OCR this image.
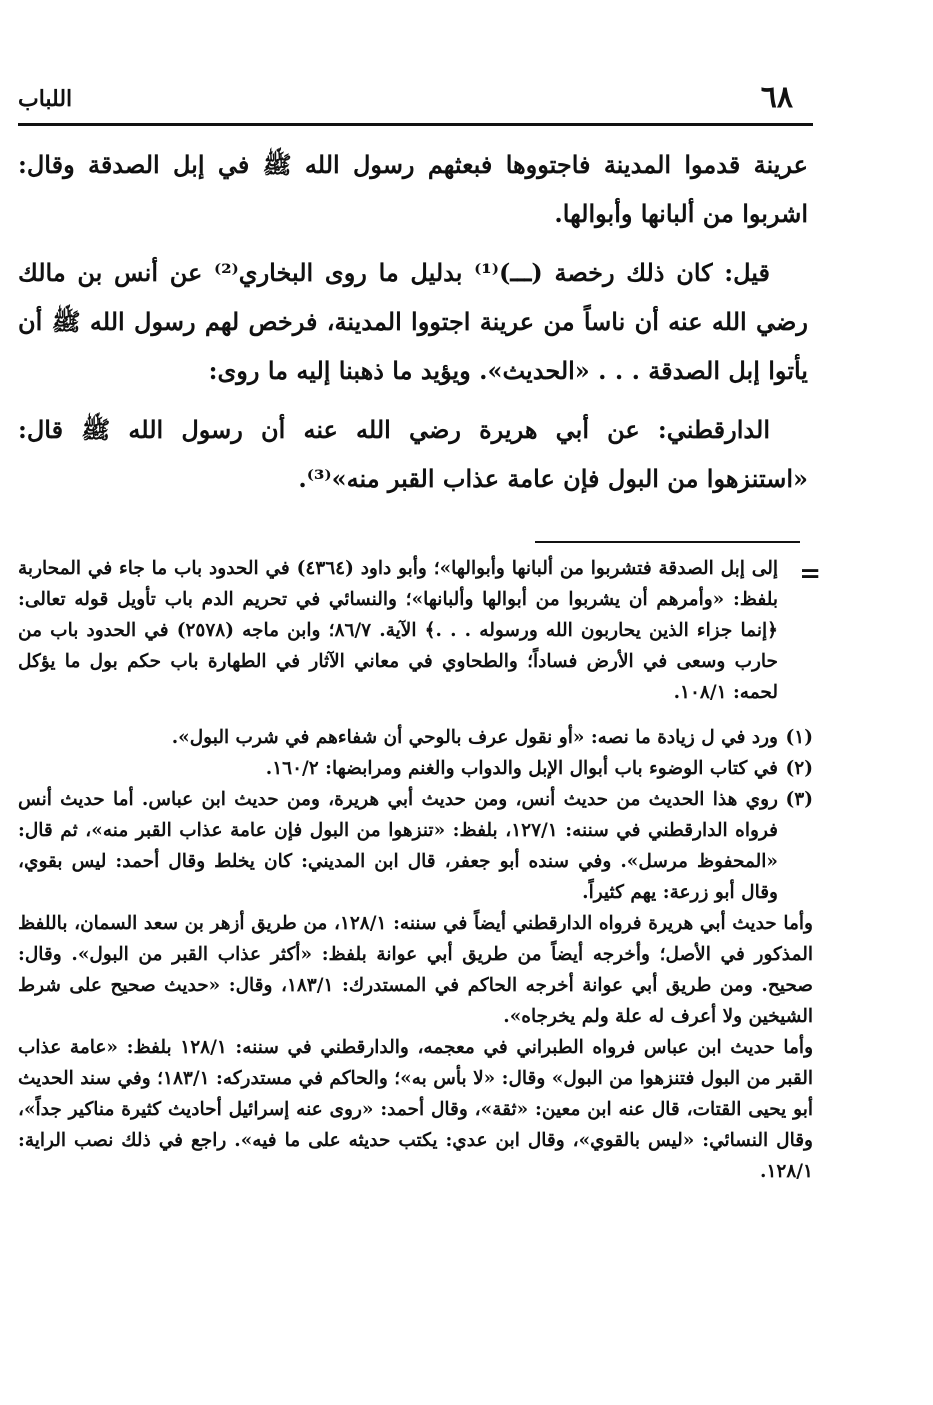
٦٨
اللباب

عرينة قدموا المدينة فاجتووها فبعثهم رسول الله ﷺ في إبل الصدقة وقال: اشربوا من ألبانها وأبوالها.

قيل: كان ذلك رخصة (ـــ)⁽¹⁾ بدليل ما روى البخاري⁽²⁾ عن أنس بن مالك رضي الله عنه أن ناساً من عرينة اجتووا المدينة، فرخص لهم رسول الله ﷺ أن يأتوا إبل الصدقة . . . «الحديث». ويؤيد ما ذهبنا إليه ما روى:

الدارقطني: عن أبي هريرة رضي الله عنه أن رسول الله ﷺ قال: «استنزهوا من البول فإن عامة عذاب القبر منه»⁽³⁾.

=
إلى إبل الصدقة فتشربوا من ألبانها وأبوالها»؛ وأبو داود (٤٣٦٤) في الحدود باب ما جاء في المحاربة بلفظ: «وأمرهم أن يشربوا من أبوالها وألبانها»؛ والنسائي في تحريم الدم باب تأويل قوله تعالى: ﴿إنما جزاء الذين يحاربون الله ورسوله . . .﴾ الآية. ٨٦/٧؛ وابن ماجه (٢٥٧٨) في الحدود باب من حارب وسعى في الأرض فساداً؛ والطحاوي في معاني الآثار في الطهارة باب حكم بول ما يؤكل لحمه: ١٠٨/١.
(١)
ورد في ل زيادة ما نصه: «أو نقول عرف بالوحي أن شفاءهم في شرب البول».
(٢)
في كتاب الوضوء باب أبوال الإبل والدواب والغنم ومرابضها: ١٦٠/٢.
(٣)
روي هذا الحديث من حديث أنس، ومن حديث أبي هريرة، ومن حديث ابن عباس. أما حديث أنس فرواه الدارقطني في سننه: ١٢٧/١، بلفظ: «تنزهوا من البول فإن عامة عذاب القبر منه»، ثم قال: «المحفوظ مرسل». وفي سنده أبو جعفر، قال ابن المديني: كان يخلط وقال أحمد: ليس بقوي، وقال أبو زرعة: يهم كثيراً.
وأما حديث أبي هريرة فرواه الدارقطني أيضاً في سننه: ١٢٨/١، من طريق أزهر بن سعد السمان، باللفظ المذكور في الأصل؛ وأخرجه أيضاً من طريق أبي عوانة بلفظ: «أكثر عذاب القبر من البول». وقال: صحيح. ومن طريق أبي عوانة أخرجه الحاكم في المستدرك: ١٨٣/١، وقال: «حديث صحيح على شرط الشيخين ولا أعرف له علة ولم يخرجاه».
وأما حديث ابن عباس فرواه الطبراني في معجمه، والدارقطني في سننه: ١٢٨/١ بلفظ: «عامة عذاب القبر من البول فتنزهوا من البول» وقال: «لا بأس به»؛ والحاكم في مستدركه: ١٨٣/١؛ وفي سند الحديث أبو يحيى القتات، قال عنه ابن معين: «ثقة»، وقال أحمد: «روى عنه إسرائيل أحاديث كثيرة مناكير جداً»، وقال النسائي: «ليس بالقوي»، وقال ابن عدي: يكتب حديثه على ما فيه». راجع في ذلك نصب الراية: ١٢٨/١.
